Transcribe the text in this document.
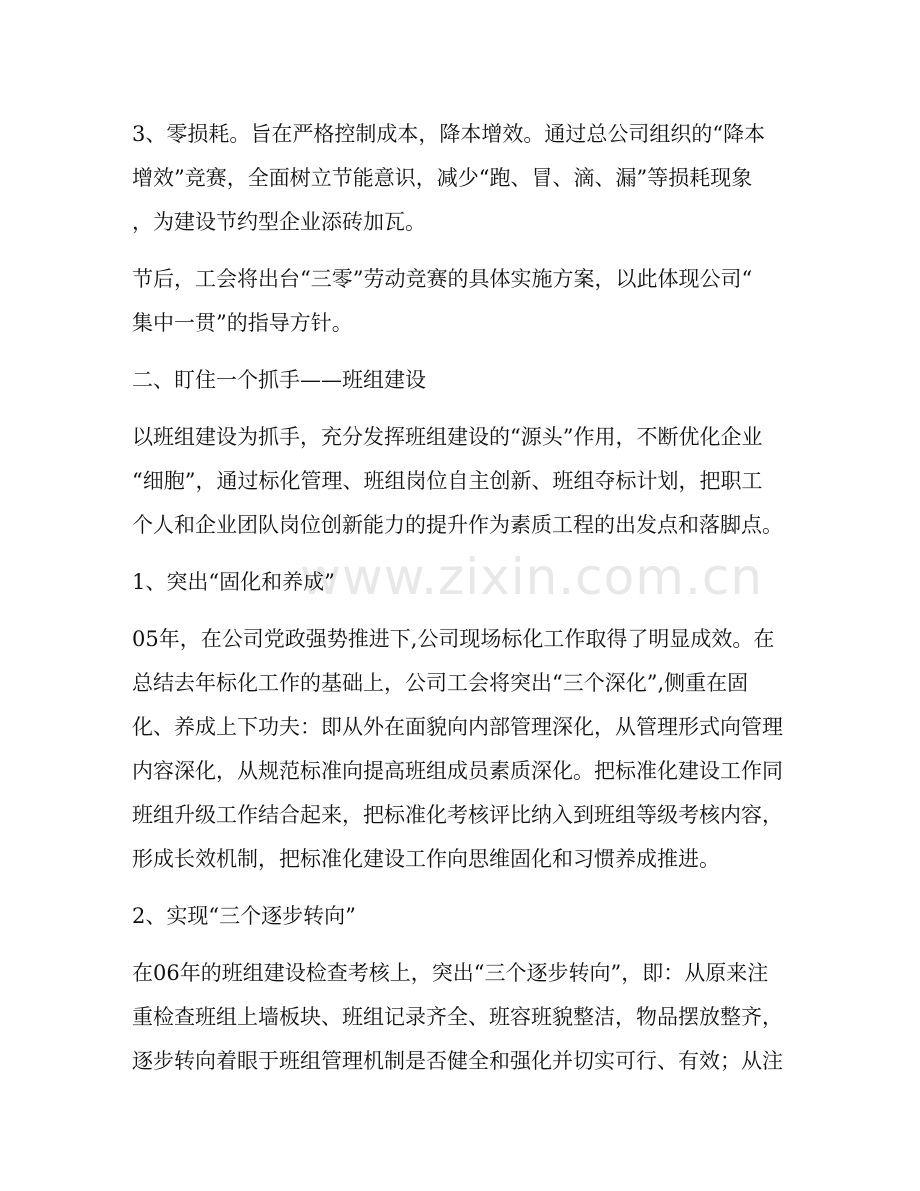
www.zixin.com.cn

3、零损耗。旨在严格控制成本，降本增效。通过总公司组织的“降本
增效”竞赛，全面树立节能意识，减少“跑、冒、滴、漏”等损耗现象
，为建设节约型企业添砖加瓦。

节后，工会将出台“三零”劳动竞赛的具体实施方案，以此体现公司“
集中一贯”的指导方针。

二、盯住一个抓手——班组建设

以班组建设为抓手，充分发挥班组建设的“源头”作用，不断优化企业
“细胞”，通过标化管理、班组岗位自主创新、班组夺标计划，把职工
个人和企业团队岗位创新能力的提升作为素质工程的出发点和落脚点。

1、突出“固化和养成”

05年，在公司党政强势推进下,公司现场标化工作取得了明显成效。在
总结去年标化工作的基础上，公司工会将突出“三个深化”,侧重在固
化、养成上下功夫：即从外在面貌向内部管理深化，从管理形式向管理
内容深化，从规范标准向提高班组成员素质深化。把标准化建设工作同
班组升级工作结合起来，把标准化考核评比纳入到班组等级考核内容，
形成长效机制，把标准化建设工作向思维固化和习惯养成推进。

2、实现“三个逐步转向”

在06年的班组建设检查考核上，突出“三个逐步转向”，即：从原来注
重检查班组上墙板块、班组记录齐全、班容班貌整洁，物品摆放整齐，
逐步转向着眼于班组管理机制是否健全和强化并切实可行、有效；从注
